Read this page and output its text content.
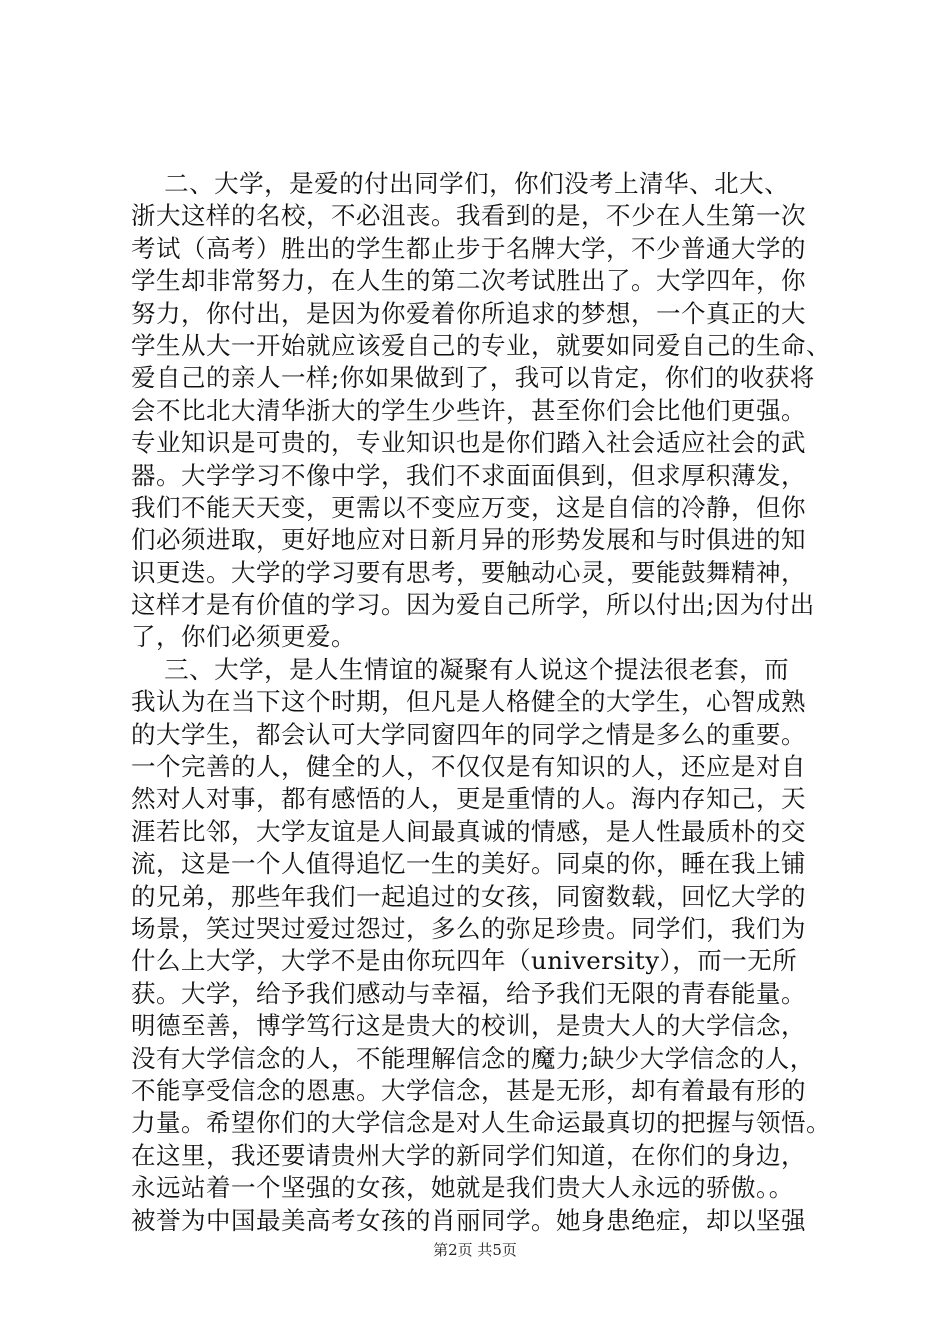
二、大学，是爱的付出同学们，你们没考上清华、北大、
浙大这样的名校，不必沮丧。我看到的是，不少在人生第一次
考试（高考）胜出的学生都止步于名牌大学，不少普通大学的
学生却非常努力，在人生的第二次考试胜出了。大学四年，你
努力，你付出，是因为你爱着你所追求的梦想，一个真正的大
学生从大一开始就应该爱自己的专业，就要如同爱自己的生命、
爱自己的亲人一样;你如果做到了，我可以肯定，你们的收获将
会不比北大清华浙大的学生少些许，甚至你们会比他们更强。
专业知识是可贵的，专业知识也是你们踏入社会适应社会的武
器。大学学习不像中学，我们不求面面俱到，但求厚积薄发，
我们不能天天变，更需以不变应万变，这是自信的冷静，但你
们必须进取，更好地应对日新月异的形势发展和与时俱进的知
识更迭。大学的学习要有思考，要触动心灵，要能鼓舞精神，
这样才是有价值的学习。因为爱自己所学，所以付出;因为付出
了，你们必须更爱。
三、大学，是人生情谊的凝聚有人说这个提法很老套，而
我认为在当下这个时期，但凡是人格健全的大学生，心智成熟
的大学生，都会认可大学同窗四年的同学之情是多么的重要。
一个完善的人，健全的人，不仅仅是有知识的人，还应是对自
然对人对事，都有感悟的人，更是重情的人。海内存知己，天
涯若比邻，大学友谊是人间最真诚的情感，是人性最质朴的交
流，这是一个人值得追忆一生的美好。同桌的你，睡在我上铺
的兄弟，那些年我们一起追过的女孩，同窗数载，回忆大学的
场景，笑过哭过爱过怨过，多么的弥足珍贵。同学们，我们为
什么上大学，大学不是由你玩四年（university），而一无所
获。大学，给予我们感动与幸福，给予我们无限的青春能量。
明德至善，博学笃行这是贵大的校训，是贵大人的大学信念，
没有大学信念的人，不能理解信念的魔力;缺少大学信念的人，
不能享受信念的恩惠。大学信念，甚是无形，却有着最有形的
力量。希望你们的大学信念是对人生命运最真切的把握与领悟。
在这里，我还要请贵州大学的新同学们知道，在你们的身边，
永远站着一个坚强的女孩，她就是我们贵大人永远的骄傲。。
被誉为中国最美高考女孩的肖丽同学。她身患绝症，却以坚强
第2页 共5页
